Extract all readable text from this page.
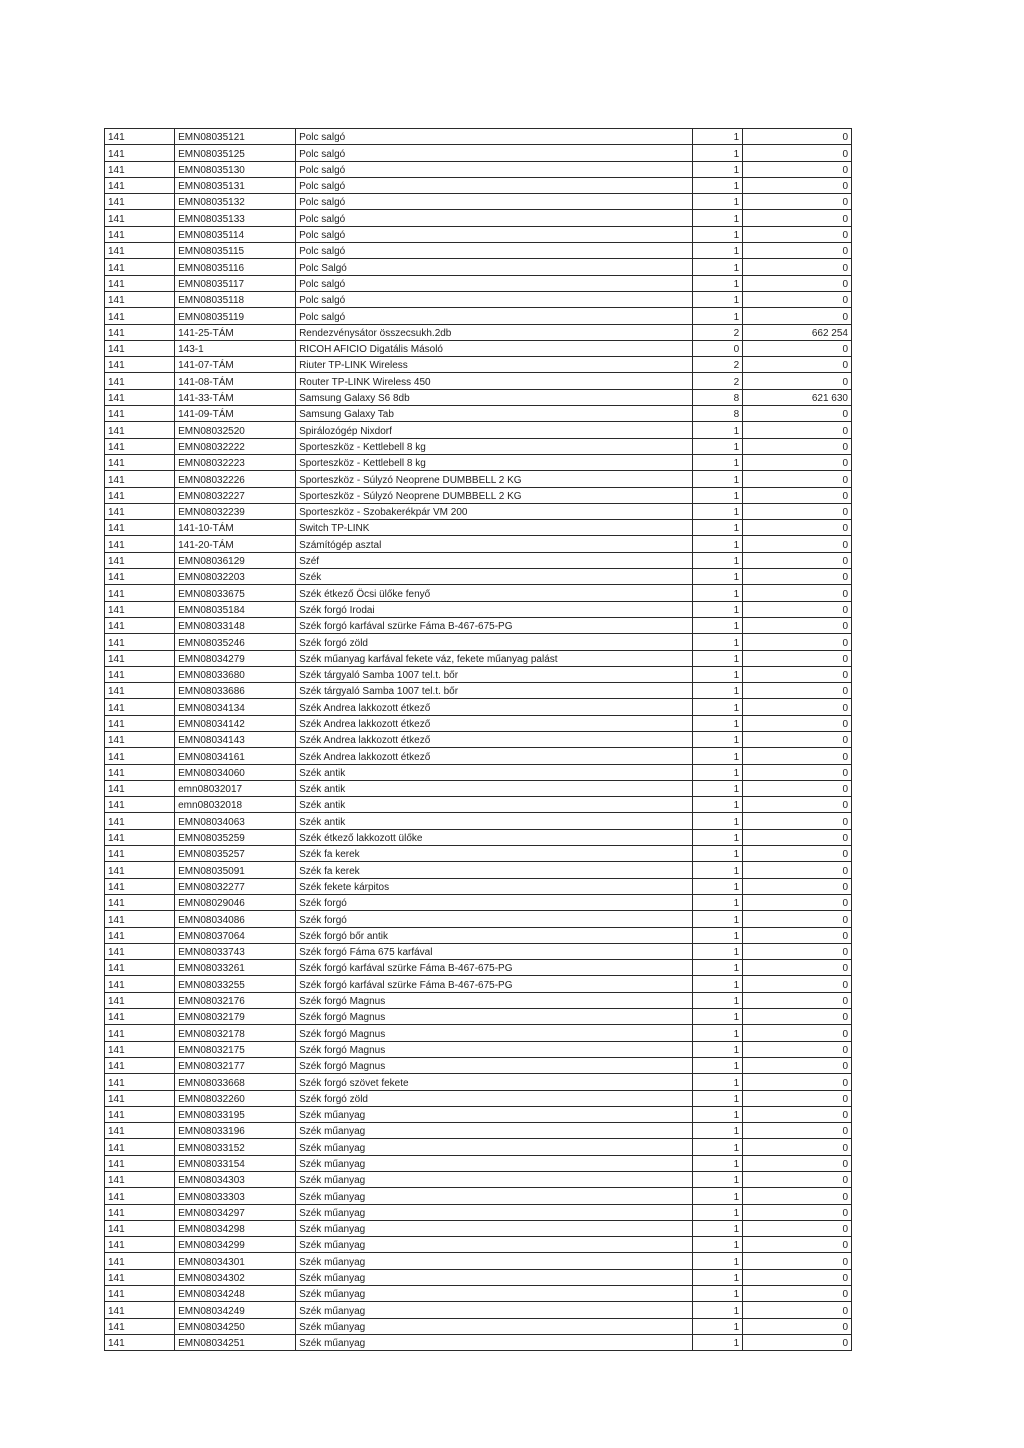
141	EMN08035121	Polc salgó	1	0
141	EMN08035125	Polc salgó	1	0
141	EMN08035130	Polc salgó	1	0
141	EMN08035131	Polc salgó	1	0
141	EMN08035132	Polc salgó	1	0
141	EMN08035133	Polc salgó	1	0
141	EMN08035114	Polc salgó	1	0
141	EMN08035115	Polc salgó	1	0
141	EMN08035116	Polc Salgó	1	0
141	EMN08035117	Polc salgó	1	0
141	EMN08035118	Polc salgó	1	0
141	EMN08035119	Polc salgó	1	0
141	141-25-TÁM	Rendezvénysátor összecsukh.2db	2	662 254
141	143-1	RICOH AFICIO Digatális Másoló	0	0
141	141-07-TÁM	Riuter TP-LINK Wireless	2	0
141	141-08-TÁM	Router TP-LINK Wireless 450	2	0
141	141-33-TÁM	Samsung Galaxy S6 8db	8	621 630
141	141-09-TÁM	Samsung Galaxy Tab	8	0
141	EMN08032520	Spirálozógép Nixdorf	1	0
141	EMN08032222	Sporteszköz - Kettlebell 8 kg	1	0
141	EMN08032223	Sporteszköz - Kettlebell 8 kg	1	0
141	EMN08032226	Sporteszköz - Súlyzó Neoprene DUMBBELL 2 KG	1	0
141	EMN08032227	Sporteszköz - Súlyzó Neoprene DUMBBELL 2 KG	1	0
141	EMN08032239	Sporteszköz - Szobakerékpár VM 200	1	0
141	141-10-TÁM	Switch TP-LINK	1	0
141	141-20-TÁM	Számítógép asztal	1	0
141	EMN08036129	Széf	1	0
141	EMN08032203	Szék	1	0
141	EMN08033675	Szék étkező Öcsi ülőke fenyő	1	0
141	EMN08035184	Szék forgó Irodai	1	0
141	EMN08033148	Szék forgó karfával szürke Fáma B-467-675-PG	1	0
141	EMN08035246	Szék forgó zöld	1	0
141	EMN08034279	Szék műanyag karfával fekete váz, fekete műanyag palást	1	0
141	EMN08033680	Szék tárgyaló Samba 1007 tel.t. bőr	1	0
141	EMN08033686	Szék tárgyaló Samba 1007 tel.t. bőr	1	0
141	EMN08034134	Szék Andrea lakkozott étkező	1	0
141	EMN08034142	Szék Andrea lakkozott étkező	1	0
141	EMN08034143	Szék Andrea lakkozott étkező	1	0
141	EMN08034161	Szék Andrea lakkozott étkező	1	0
141	EMN08034060	Szék antik	1	0
141	emn08032017	Szék antik	1	0
141	emn08032018	Szék antik	1	0
141	EMN08034063	Szék antik	1	0
141	EMN08035259	Szék étkező lakkozott ülőke	1	0
141	EMN08035257	Szék fa kerek	1	0
141	EMN08035091	Szék fa kerek	1	0
141	EMN08032277	Szék fekete kárpitos	1	0
141	EMN08029046	Szék forgó	1	0
141	EMN08034086	Szék forgó	1	0
141	EMN08037064	Szék forgó bőr antik	1	0
141	EMN08033743	Szék forgó Fáma 675 karfával	1	0
141	EMN08033261	Szék forgó karfával szürke Fáma B-467-675-PG	1	0
141	EMN08033255	Szék forgó karfával szürke Fáma B-467-675-PG	1	0
141	EMN08032176	Szék forgó Magnus	1	0
141	EMN08032179	Szék forgó Magnus	1	0
141	EMN08032178	Szék forgó Magnus	1	0
141	EMN08032175	Szék forgó Magnus	1	0
141	EMN08032177	Szék forgó Magnus	1	0
141	EMN08033668	Szék forgó szövet fekete	1	0
141	EMN08032260	Szék forgó zöld	1	0
141	EMN08033195	Szék műanyag	1	0
141	EMN08033196	Szék műanyag	1	0
141	EMN08033152	Szék műanyag	1	0
141	EMN08033154	Szék műanyag	1	0
141	EMN08034303	Szék műanyag	1	0
141	EMN08033303	Szék műanyag	1	0
141	EMN08034297	Szék műanyag	1	0
141	EMN08034298	Szék műanyag	1	0
141	EMN08034299	Szék műanyag	1	0
141	EMN08034301	Szék műanyag	1	0
141	EMN08034302	Szék műanyag	1	0
141	EMN08034248	Szék műanyag	1	0
141	EMN08034249	Szék műanyag	1	0
141	EMN08034250	Szék műanyag	1	0
141	EMN08034251	Szék műanyag	1	0
